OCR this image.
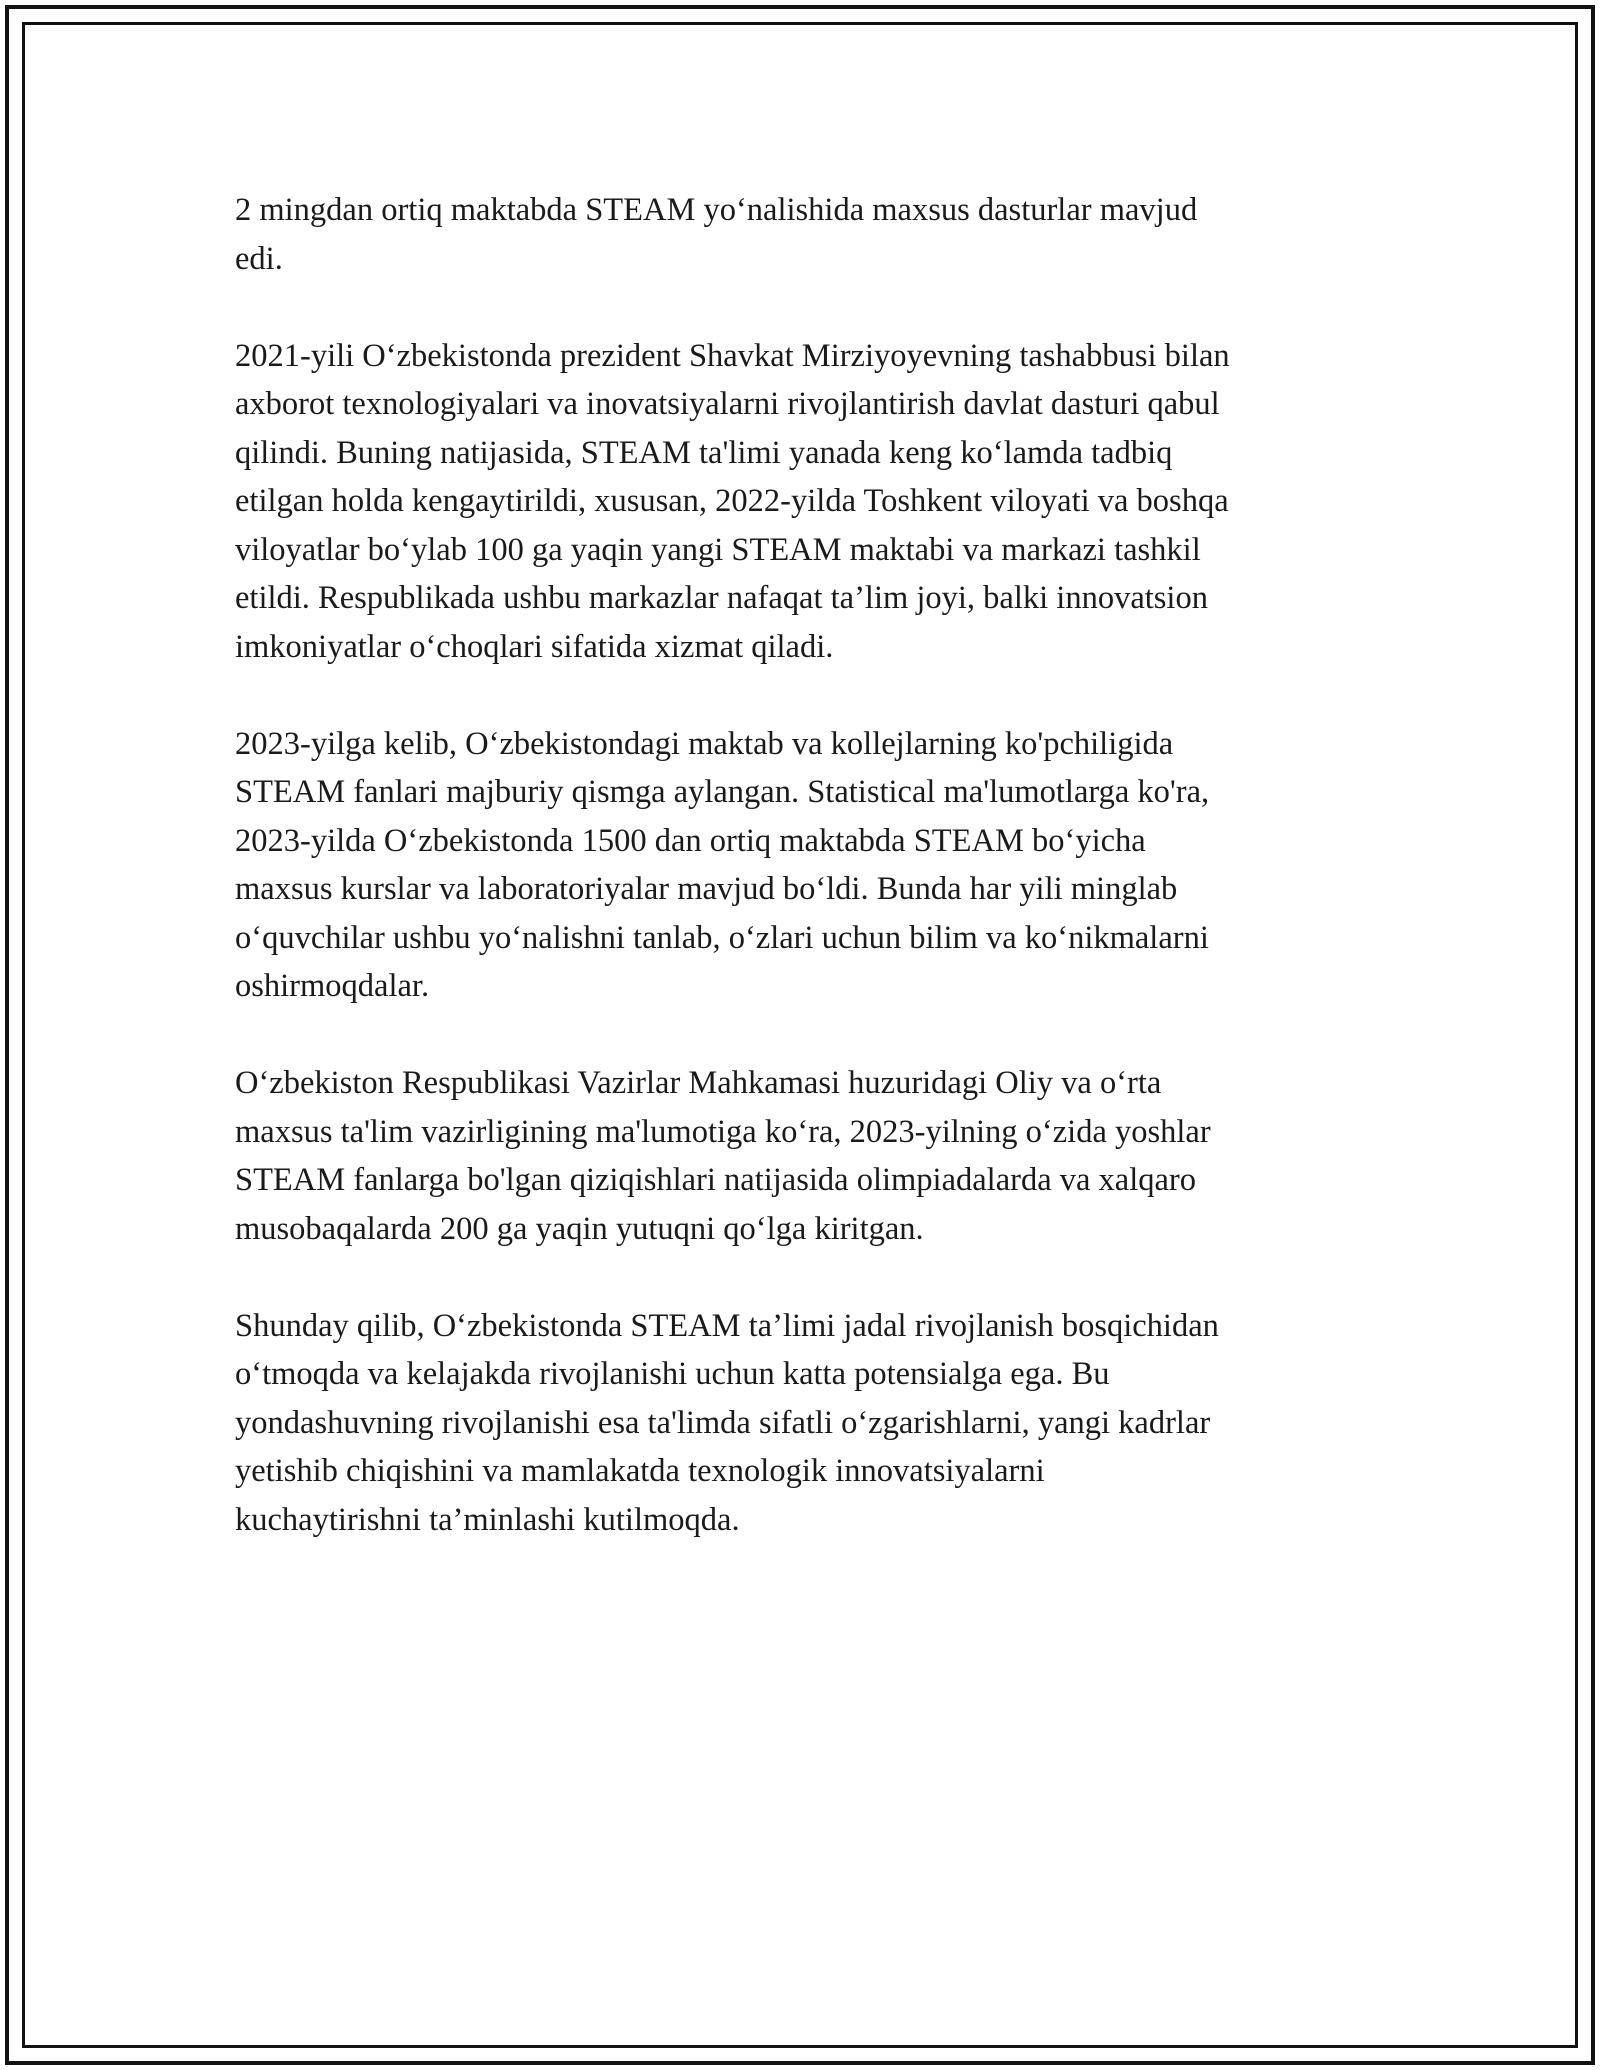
2 mingdan ortiq maktabda STEAM yo‘nalishida maxsus dasturlar mavjud
edi.

2021-yili O‘zbekistonda prezident Shavkat Mirziyoyevning tashabbusi bilan
axborot texnologiyalari va inovatsiyalarni rivojlantirish davlat dasturi qabul
qilindi. Buning natijasida, STEAM ta'limi yanada keng ko‘lamda tadbiq
etilgan holda kengaytirildi, xususan, 2022-yilda Toshkent viloyati va boshqa
viloyatlar bo‘ylab 100 ga yaqin yangi STEAM maktabi va markazi tashkil
etildi. Respublikada ushbu markazlar nafaqat ta’lim joyi, balki innovatsion
imkoniyatlar o‘choqlari sifatida xizmat qiladi.

2023-yilga kelib, O‘zbekistondagi maktab va kollejlarning ko'pchiligida
STEAM fanlari majburiy qismga aylangan. Statistical ma'lumotlarga ko'ra,
2023-yilda O‘zbekistonda 1500 dan ortiq maktabda STEAM bo‘yicha
maxsus kurslar va laboratoriyalar mavjud bo‘ldi. Bunda har yili minglab
o‘quvchilar ushbu yo‘nalishni tanlab, o‘zlari uchun bilim va ko‘nikmalarni
oshirmoqdalar.

O‘zbekiston Respublikasi Vazirlar Mahkamasi huzuridagi Oliy va o‘rta
maxsus ta'lim vazirligining ma'lumotiga ko‘ra, 2023-yilning o‘zida yoshlar
STEAM fanlarga bo'lgan qiziqishlari natijasida olimpiadalarda va xalqaro
musobaqalarda 200 ga yaqin yutuqni qo‘lga kiritgan.

Shunday qilib, O‘zbekistonda STEAM ta’limi jadal rivojlanish bosqichidan
o‘tmoqda va kelajakda rivojlanishi uchun katta potensialga ega. Bu
yondashuvning rivojlanishi esa ta'limda sifatli o‘zgarishlarni, yangi kadrlar
yetishib chiqishini va mamlakatda texnologik innovatsiyalarni
kuchaytirishni ta’minlashi kutilmoqda.
